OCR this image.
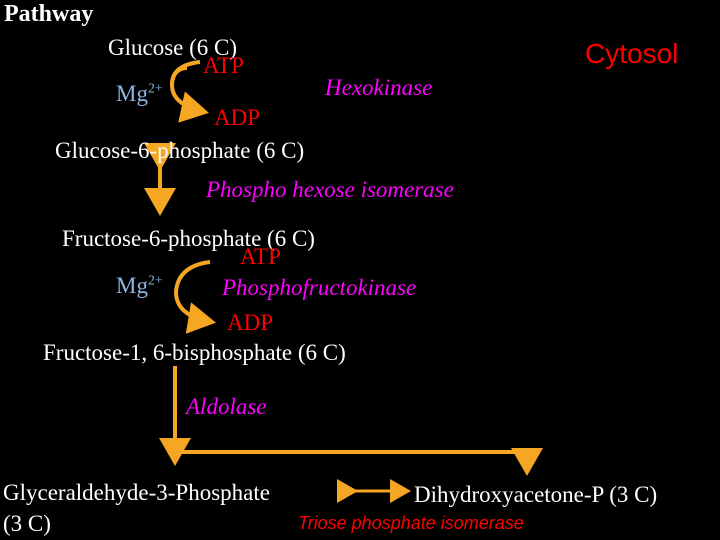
Pathway
Cytosol
Glucose (6 C)
ATP
$Mg^{2+}$	Hexokinase
ADP
Glucose-6-phosphate (6 C)
Phospho hexose isomerase
Fructose-6-phosphate (6 C)
ATP
$Mg^{2+}$	Phosphofructokinase
ADP
Fructose-1, 6-bisphosphate (6 C)
Aldolase
Glyceraldehyde-3-Phosphate
(3 C)
Dihydroxyacetone-P (3 C)
Triose phosphate isomerase
